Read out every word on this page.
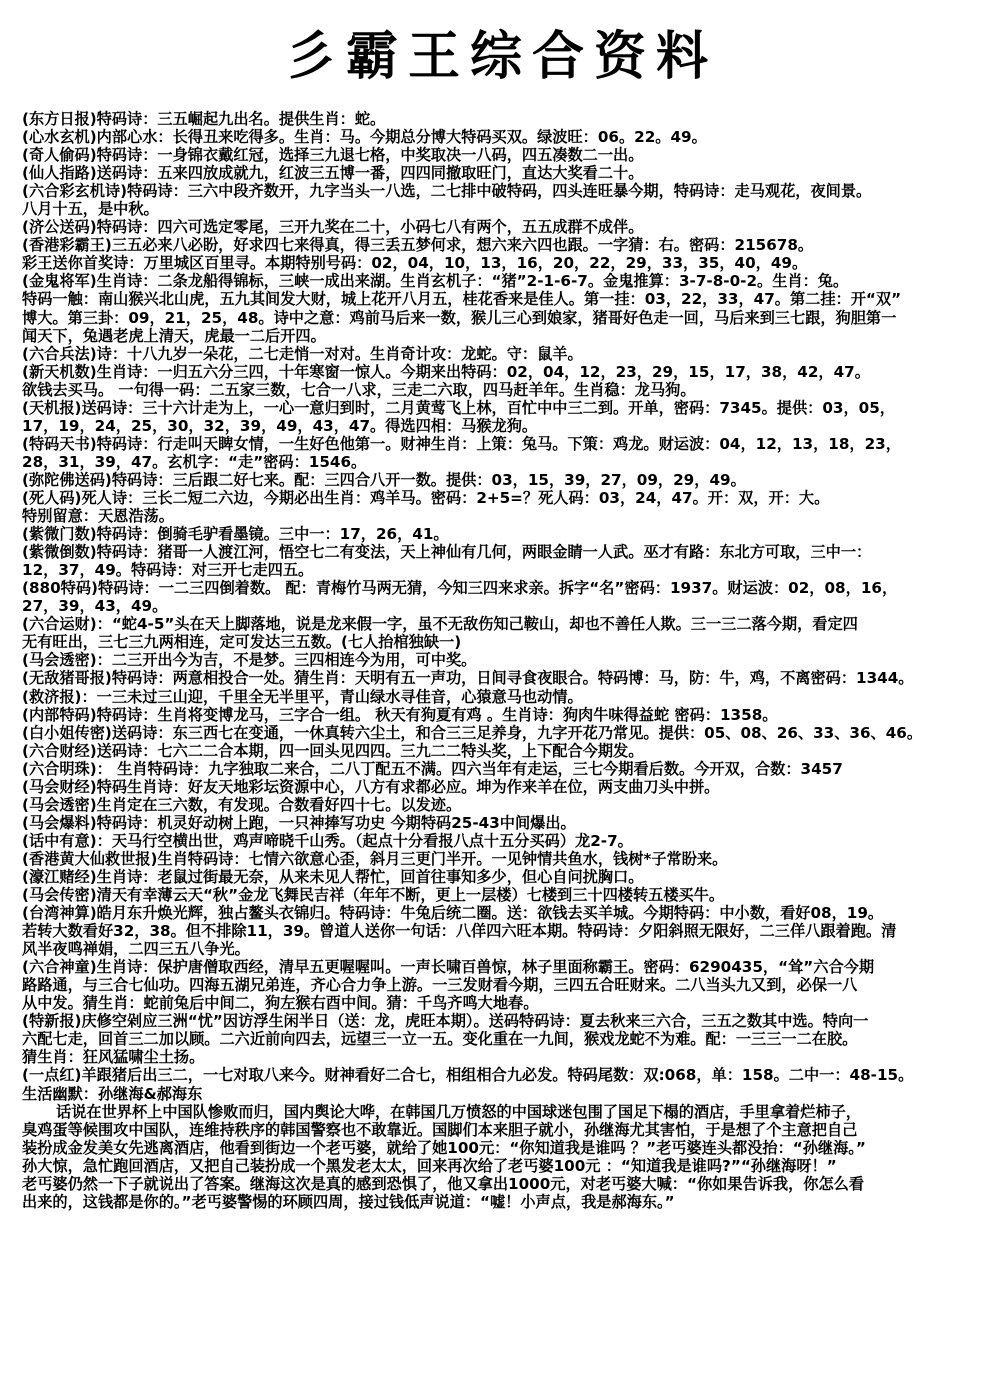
彡霸王综合资料
(东方日报)特码诗：三五崛起九出名。提供生肖：蛇。
(心水玄机)内部心水：长得丑来吃得多。生肖：马。今期总分博大特码买双。绿波旺：06。22。49。
(奇人偷码)特码诗：一身锦衣戴红冠，选择三九退七格，中奖取决一八码，四五凑数二一出。
(仙人指路)送码诗：五来四放成就九，红波三五博一番，四四同撤取旺门，直达大奖看二十。
(六合彩玄机诗)特码诗：三六中段齐数开，九字当头一八选，二七排中破特码，四头连旺暴今期，特码诗：走马观花，夜间景。
八月十五，是中秋。
(济公送码)特码诗：四六可选定零尾，三开九奖在二十，小码七八有两个，五五成群不成伴。
(香港彩霸王)三五必来八必盼，好求四七来得真，得三丢五梦何求，想六来六四也跟。一字猜：右。密码：215678。
彩王送你首奖诗：万里城区百里寻。本期特别号码：02，04，10，13，16，20，22，29，33，35，40，49。
(金鬼将军)生肖诗：二条龙船得锦标，三峡一成出来湖。生肖玄机子：“猪”2-1-6-7。金鬼推算：3-7-8-0-2。生肖：兔。
特码一触：南山猴兴北山虎，五九其间发大财，城上花开八月五，桂花香来是佳人。第一挂：03，22，33，47。第二挂：开“双”
博大。第三卦：09，21，25，48。诗中之意：鸡前马后来一数，猴儿三心到娘家，猪哥好色走一回，马后来到三七跟，狗胆第一
闻天下，兔遇老虎上清天，虎最一二后开四。
(六合兵法)诗：十八九岁一朵花，二七走悄一对对。生肖奇计攻：龙蛇。守：鼠羊。
(新天机数)生肖诗：一归五六分三四，十年寒窗一惊人。今期来出特码：02，04，12，23，29，15，17，38，42，47。
欲钱去买马。 一句得一码：二五家三数，七合一八求，三走二六取，四马赶羊年。生肖稳：龙马狗。
(天机报)送码诗：三十六计走为上，一心一意归到时，二月黄莺飞上林，百忙中中三二到。开单，密码：7345。提供：03，05，
17，19，24，25，30，32，39，49，43，47。得选四相：马猴龙狗。
(特码天书)特码诗：行走叫天睥女情，一生好色他第一。财神生肖：上策：兔马。下策：鸡龙。财运波：04，12，13，18，23，
28，31，39，47。玄机字：“走”密码：1546。
(弥陀佛送码)特码诗：三后跟二好七来。配：三四合八开一数。提供：03，15，39，27，09，29，49。
(死人码)死人诗：三长二短二六边，今期必出生肖：鸡羊马。密码：2+5=？死人码：03，24，47。开：双，开：大。
特别留意：天恩浩荡。
(紫微门数)特码诗：倒骑毛驴看墨镜。三中一：17，26，41。
(紫微倒数)特码诗：猪哥一人渡江河，悟空七二有变法，天上神仙有几何，两眼金睛一人武。巫才有路：东北方可取，三中一：
12，37，49。特码诗：对三开七走四五。
(880特码)特码诗：一二三四倒着数。 配：青梅竹马两无猜，今知三四来求亲。拆字“名”密码：1937。财运波：02，08，16，
27，39，43，49。
(六合运财)：“蛇4-5”头在天上脚落地，说是龙来假一字，虽不无敌伤知己鞍山，却也不善任人欺。三一三二落今期，看定四
无有旺出，三七三九两相连，定可发达三五数。(七人抬棺独缺一)
(马会透密)：二三开出今为吉，不是梦。三四相连今为用，可中奖。
(无敌猪哥报)特码诗：两意相投合一处。猜生肖：天明有五一声功，日间寻食夜眼合。特码博：马，防：牛，鸡，不离密码：1344。
(救济报)：一三未过三山迎，千里全无半里平，青山绿水寻佳音，心猿意马也动情。
(内部特码)特码诗：生肖将变博龙马，三字合一组。 秋天有狗夏有鸡 。生肖诗：狗肉牛味得益蛇 密码：1358。
(白小姐传密)送码诗：东三西七在变通，一休真转六尘土，和合三三足养身，九字开花乃常见。提供：05、08、26、33、36、46。
(六合财经)送码诗：七六二二合本期，四一回头见四四。三九二二特头奖，上下配合今期发。
(六合明珠)： 生肖特码诗：九字独取二来合，二八丁配五不满。四六当年有走运，三七今期看后数。今开双，合数：3457
(马会财经)特码生肖诗：好友天地彩坛资源中心，八方有求都必应。坤为作来羊在位，两支曲刀头中拼。
(马会透密)生肖定在三六数，有发现。合数看好四十七。以发迹。
(马会爆料)特码诗：机灵好动树上跑，一只神捧写功史 今期特码25-43中间爆出。
(话中有意)：天马行空横出世，鸡声啼晓千山秀。（起点十分看报八点十五分买码）龙2-7。
(香港黄大仙救世报)生肖特码诗：七情六欲意心歪，斜月三更门半开。一见钟情共鱼水，钱树*子常盼来。
(濠江赌经)生肖诗：老鼠过街最无奈，从来未见人帮忙，回首往事知多少，但心自问扰胸口。
(马会传密)清天有幸薄云天“秋”金龙飞舞民吉祥（年年不断，更上一层楼）七楼到三十四楼转五楼买牛。
(台湾神算)皓月东升焕光辉，独占鳌头衣锦归。特码诗：牛兔后统二圈。送：欲钱去买羊城。今期特码：中小数，看好08，19。
若转大数看好32，38。但不排除11，39。曾道人送你一句话：八佯四六旺本期。特码诗：夕阳斜照无限好，二三佯八跟着跑。清
风半夜鸣禅娟，二四三五八争光。
(六合神童)生肖诗：保护唐僧取西经，清早五更喔喔叫。一声长啸百兽惊，林子里面称霸王。密码：6290435，“耸”六合今期
路路通，与三合七仙功。四海五湖兄弟连，齐心合力争上游。一三发财看今期，三四五合旺财来。二八当头九又到，必保一八
从中发。猜生肖：蛇前兔后中间二，狗左猴右酉中间。猜：千鸟齐鸣大地春。
(特新报)庆修空剁应三洲“忧”因访浮生闲半日（送：龙，虎旺本期）。送码特码诗：夏去秋来三六合，三五之数其中选。特向一
六配七走，回首三二加以顾。二六近前向四去，远望三一立一五。变化重在一九间，猴戏龙蛇不为难。配：一三三一二在胶。
猜生肖：狂风猛啸尘土扬。
(一点红)羊跟猪后出三二，一七对取八来今。财神看好二合七，相组相合九必发。特码尾数：双:068，单：158。二中一：48-15。
生活幽默：孙继海&郝海东
话说在世界杯上中国队惨败而归，国内舆论大哗，在韩国几万愤怒的中国球迷包围了国足下榻的酒店，手里拿着烂柿子，
臭鸡蛋等候围攻中国队，连维持秩序的韩国警察也不敢靠近。国脚们本来胆子就小，孙继海尤其害怕，于是想了个主意把自己
装扮成金发美女先逃离酒店，他看到街边一个老丐婆，就给了她100元：“你知道我是谁吗 ？”老丐婆连头都没抬：“孙继海。”
孙大惊，急忙跑回酒店，又把自己装扮成一个黑发老太太，回来再次给了老丐婆100元 ：“知道我是谁吗?”“孙继海呀！”
老丐婆仍然一下子就说出了答案。继海这次是真的感到恐惧了，他又拿出1000元，对老丐婆大喊：“你如果告诉我，你怎么看
出来的，这钱都是你的。”老丐婆警惕的环顾四周，接过钱低声说道：“嘘！小声点，我是郝海东。”
